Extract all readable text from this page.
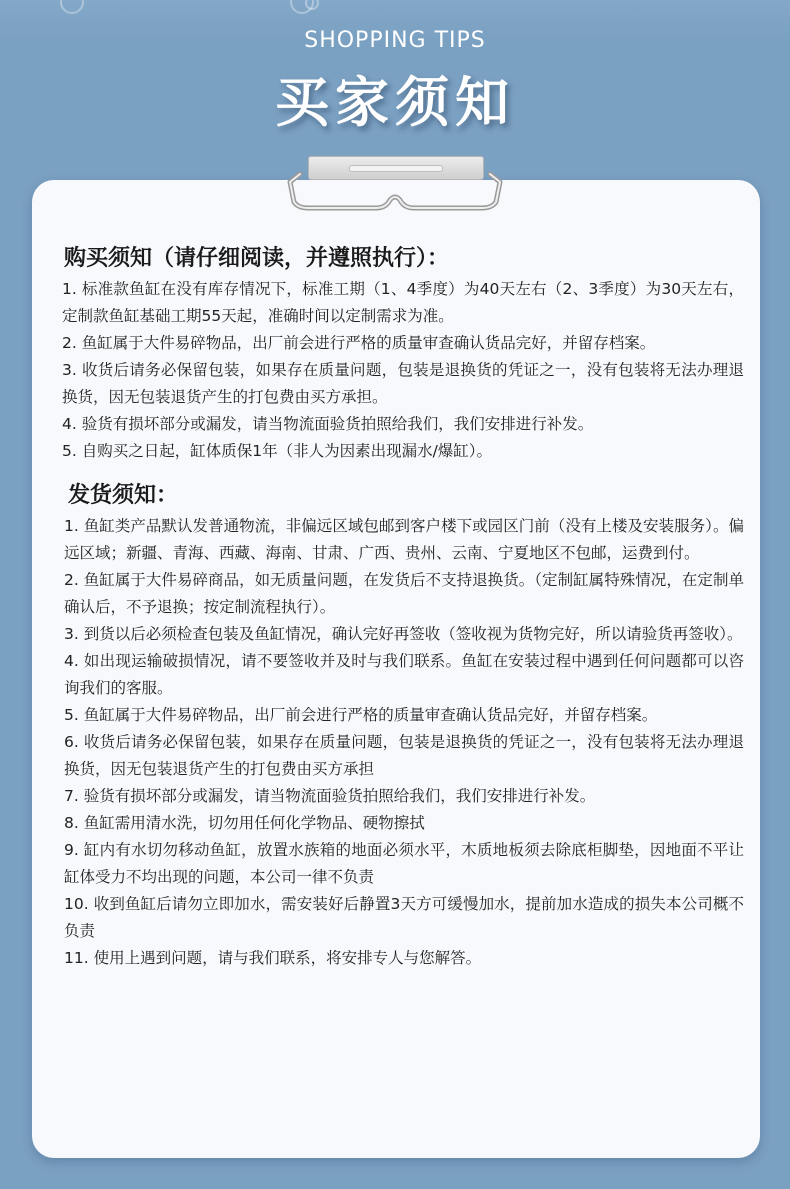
SHOPPING TIPS
买家须知

购买须知（请仔细阅读，并遵照执行）：

1. 标准款鱼缸在没有库存情况下，标准工期（1、4季度）为40天左右（2、3季度）为30天左右，定制款鱼缸基础工期55天起，准确时间以定制需求为准。

2. 鱼缸属于大件易碎物品，出厂前会进行严格的质量审查确认货品完好，并留存档案。

3. 收货后请务必保留包装，如果存在质量问题，包装是退换货的凭证之一，没有包装将无法办理退换货，因无包装退货产生的打包费由买方承担。

4. 验货有损坏部分或漏发，请当物流面验货拍照给我们，我们安排进行补发。

5. 自购买之日起，缸体质保1年（非人为因素出现漏水/爆缸）。

发货须知：

1. 鱼缸类产品默认发普通物流，非偏远区域包邮到客户楼下或园区门前（没有上楼及安装服务）。偏远区域；新疆、青海、西藏、海南、甘肃、广西、贵州、云南、宁夏地区不包邮，运费到付。

2. 鱼缸属于大件易碎商品，如无质量问题，在发货后不支持退换货。（定制缸属特殊情况，在定制单确认后，不予退换；按定制流程执行）。

3. 到货以后必须检查包装及鱼缸情况，确认完好再签收（签收视为货物完好，所以请验货再签收）。

4. 如出现运输破损情况，请不要签收并及时与我们联系。鱼缸在安装过程中遇到任何问题都可以咨询我们的客服。

5. 鱼缸属于大件易碎物品，出厂前会进行严格的质量审查确认货品完好，并留存档案。

6. 收货后请务必保留包装，如果存在质量问题，包装是退换货的凭证之一，没有包装将无法办理退换货，因无包装退货产生的打包费由买方承担

7. 验货有损坏部分或漏发，请当物流面验货拍照给我们，我们安排进行补发。

8. 鱼缸需用清水洗，切勿用任何化学物品、硬物擦拭

9. 缸内有水切勿移动鱼缸，放置水族箱的地面必须水平，木质地板须去除底柜脚垫，因地面不平让缸体受力不均出现的问题，本公司一律不负责

10. 收到鱼缸后请勿立即加水，需安装好后静置3天方可缓慢加水，提前加水造成的损失本公司概不负责

11. 使用上遇到问题，请与我们联系，将安排专人与您解答。
